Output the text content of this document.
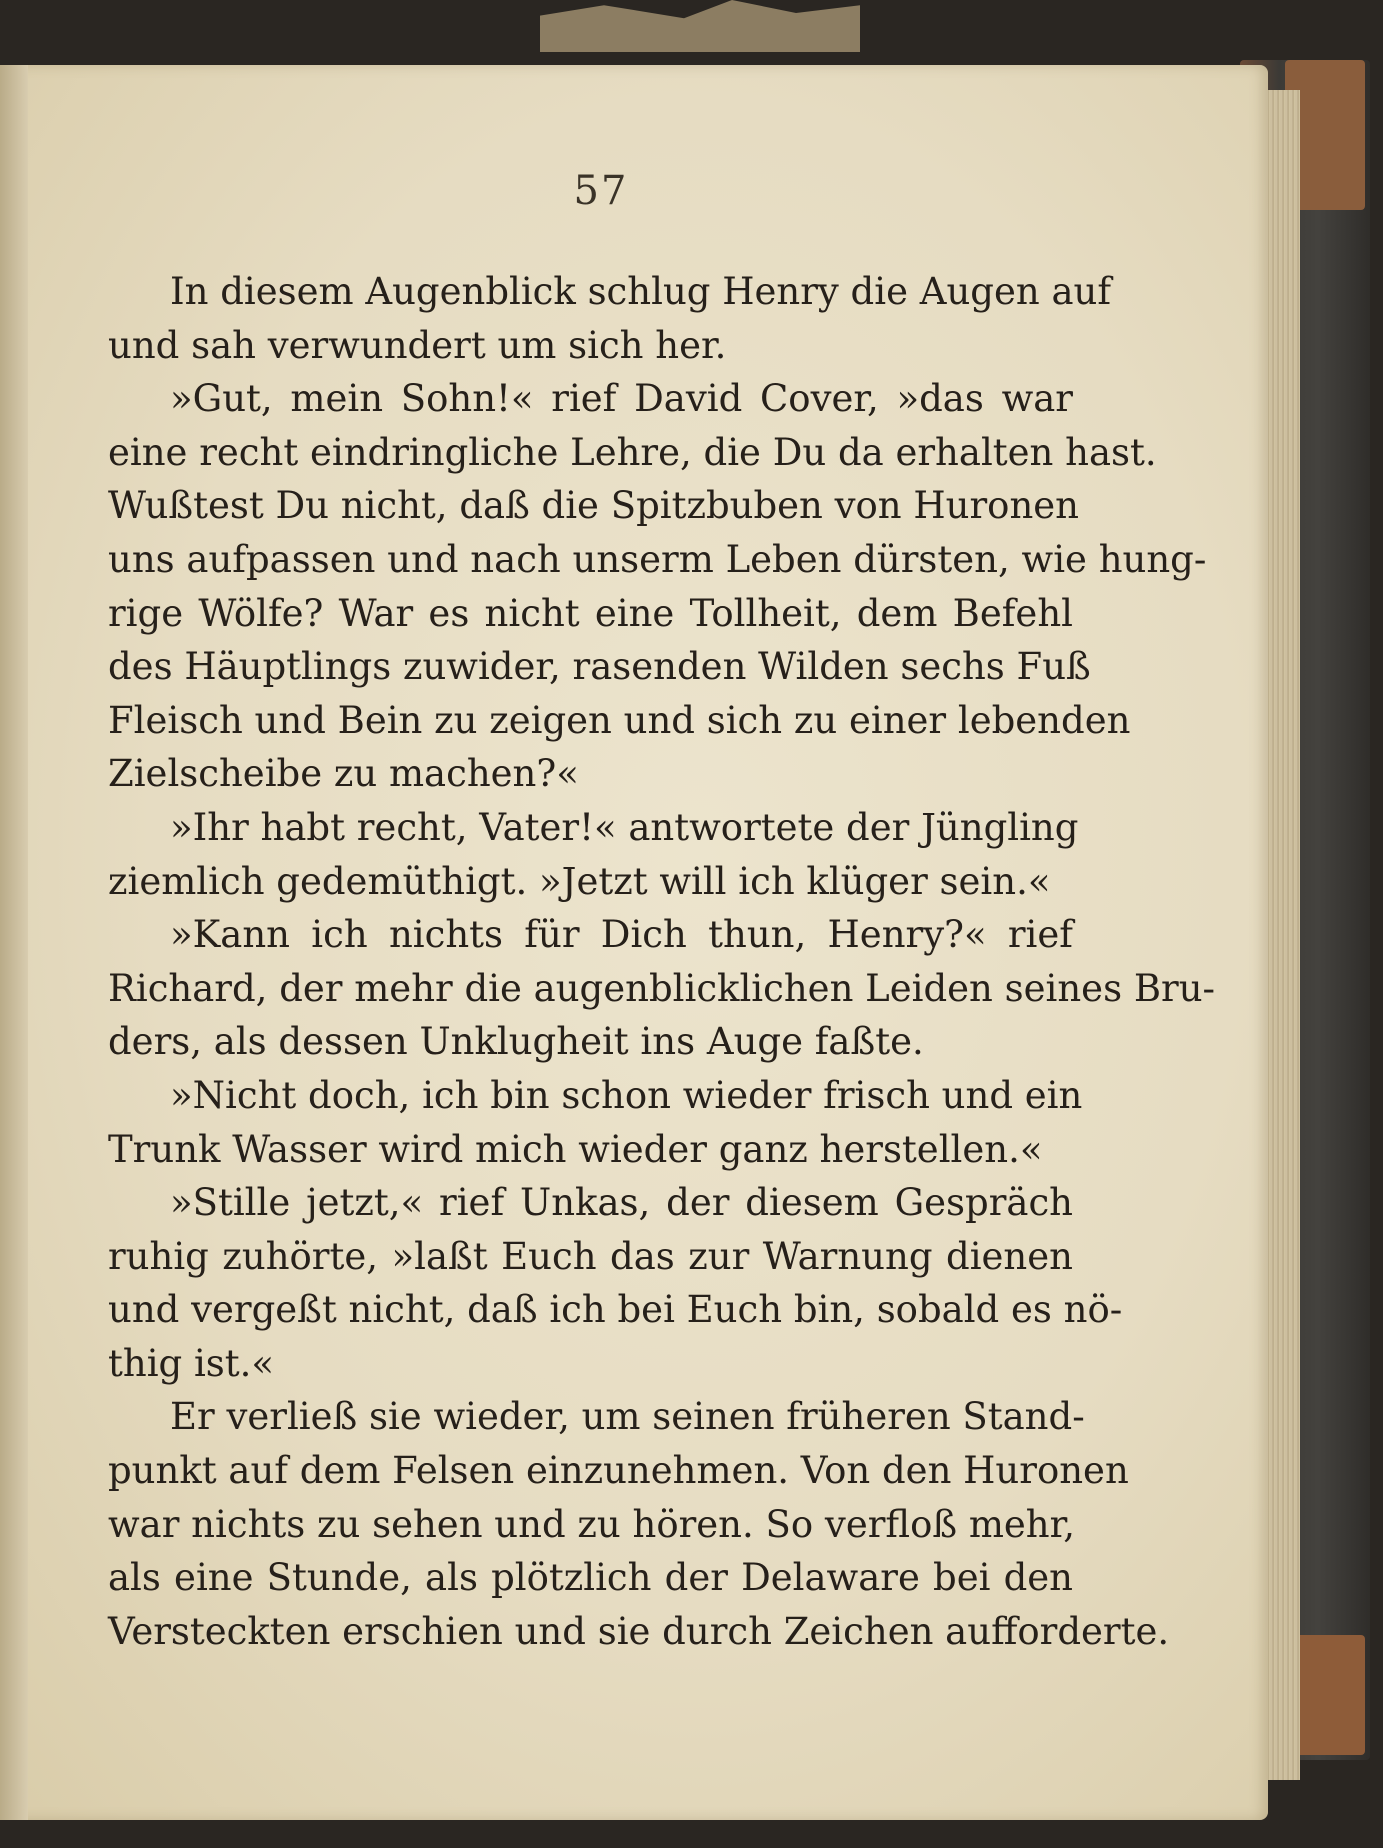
57
In diesem Augenblick schlug Henry die Augen auf
und sah verwundert um sich her.
»Gut, mein Sohn!« rief David Cover, »das war
eine recht eindringliche Lehre, die Du da erhalten hast.
Wußtest Du nicht, daß die Spitzbuben von Huronen
uns aufpassen und nach unserm Leben dürsten, wie hung-
rige Wölfe? War es nicht eine Tollheit, dem Befehl
des Häuptlings zuwider, rasenden Wilden sechs Fuß
Fleisch und Bein zu zeigen und sich zu einer lebenden
Zielscheibe zu machen?«
»Ihr habt recht, Vater!« antwortete der Jüngling
ziemlich gedemüthigt. »Jetzt will ich klüger sein.«
»Kann ich nichts für Dich thun, Henry?« rief
Richard, der mehr die augenblicklichen Leiden seines Bru-
ders, als dessen Unklugheit ins Auge faßte.
»Nicht doch, ich bin schon wieder frisch und ein
Trunk Wasser wird mich wieder ganz herstellen.«
»Stille jetzt,« rief Unkas, der diesem Gespräch
ruhig zuhörte, »laßt Euch das zur Warnung dienen
und vergeßt nicht, daß ich bei Euch bin, sobald es nö-
thig ist.«
Er verließ sie wieder, um seinen früheren Stand-
punkt auf dem Felsen einzunehmen. Von den Huronen
war nichts zu sehen und zu hören. So verfloß mehr,
als eine Stunde, als plötzlich der Delaware bei den
Versteckten erschien und sie durch Zeichen aufforderte.
